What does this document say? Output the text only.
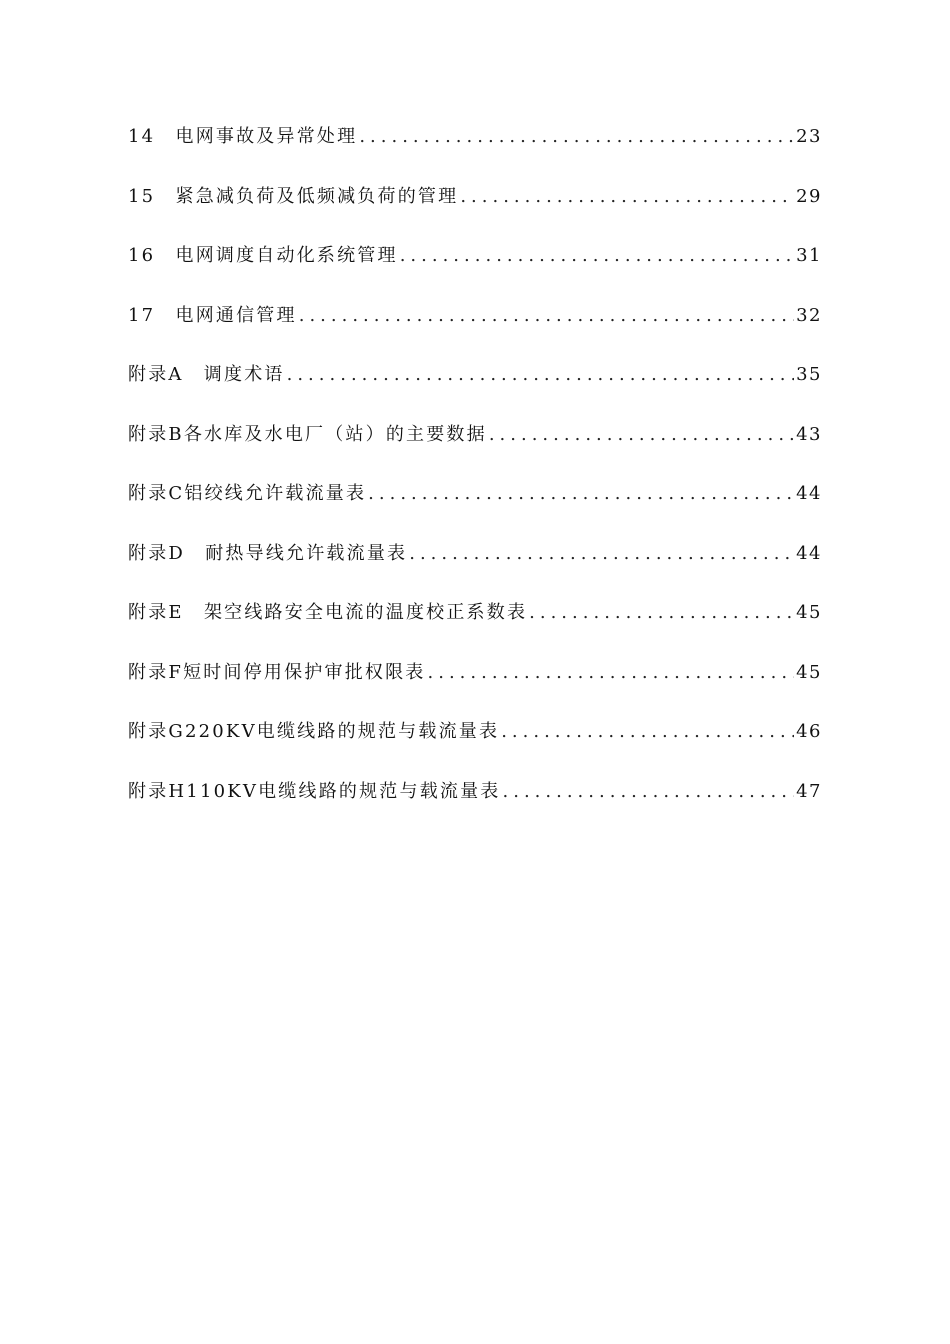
14　电网事故及异常处理 .....	23
15　紧急减负荷及低频减负荷的管理 .....	29
16　电网调度自动化系统管理 .....	31
17　电网通信管理 .....	32
附录A　调度术语 .....	35
附录B各水库及水电厂（站）的主要数据 .....	43
附录C铝绞线允许载流量表 .....	44
附录D　耐热导线允许载流量表 .....	44
附录E　架空线路安全电流的温度校正系数表 .....	45
附录F短时间停用保护审批权限表 .....	45
附录G220KV电缆线路的规范与载流量表 .....	46
附录H110KV电缆线路的规范与载流量表 .....	47
